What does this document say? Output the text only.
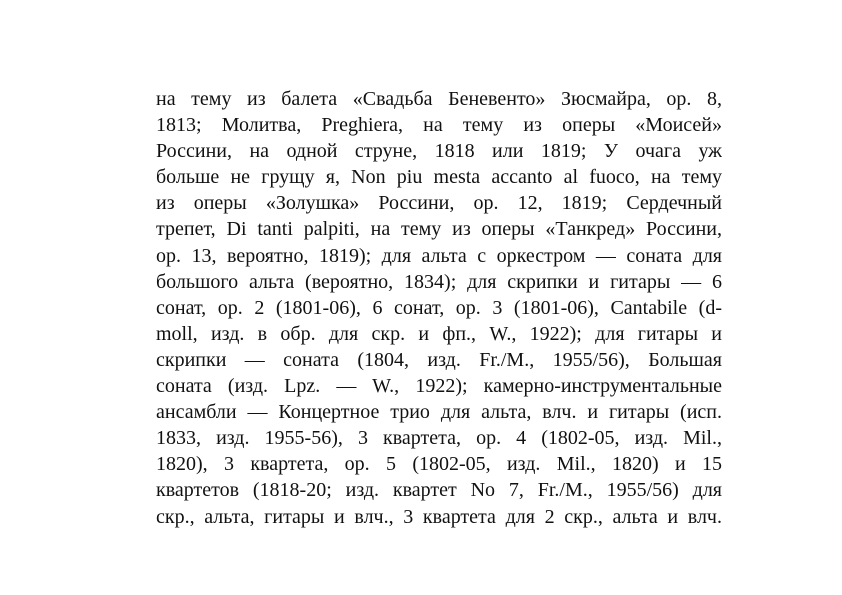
на тему из балета «Свадьба Беневенто» Зюсмайра, ор. 8,
1813; Молитва, Preghiera, на тему из оперы «Моисей»
Россини, на одной струне, 1818 или 1819; У очага уж
больше не грущу я, Non piu mesta accanto al fuoco, на тему
из оперы «Золушка» Россини, ор. 12, 1819; Сердечный
трепет, Di tanti palpiti, на тему из оперы «Танкред» Россини,
ор. 13, вероятно, 1819); для альта с оркестром — соната для
большого альта (вероятно, 1834); для скрипки и гитары — 6
сонат, ор. 2 (1801-06), 6 сонат, ор. 3 (1801-06), Cantabile (d-
moll, изд. в обр. для скр. и фп., W., 1922); для гитары и
скрипки — соната (1804, изд. Fr./M., 1955/56), Большая
соната (изд. Lpz. — W., 1922); камерно-инструментальные
ансамбли — Концертное трио для альта, влч. и гитары (исп.
1833, изд. 1955-56), 3 квартета, ор. 4 (1802-05, изд. Mil.,
1820), 3 квартета, ор. 5 (1802-05, изд. Mil., 1820) и 15
квартетов (1818-20; изд. квартет No 7, Fr./M., 1955/56) для
скр., альта, гитары и влч., 3 квартета для 2 скр., альта и влч.
